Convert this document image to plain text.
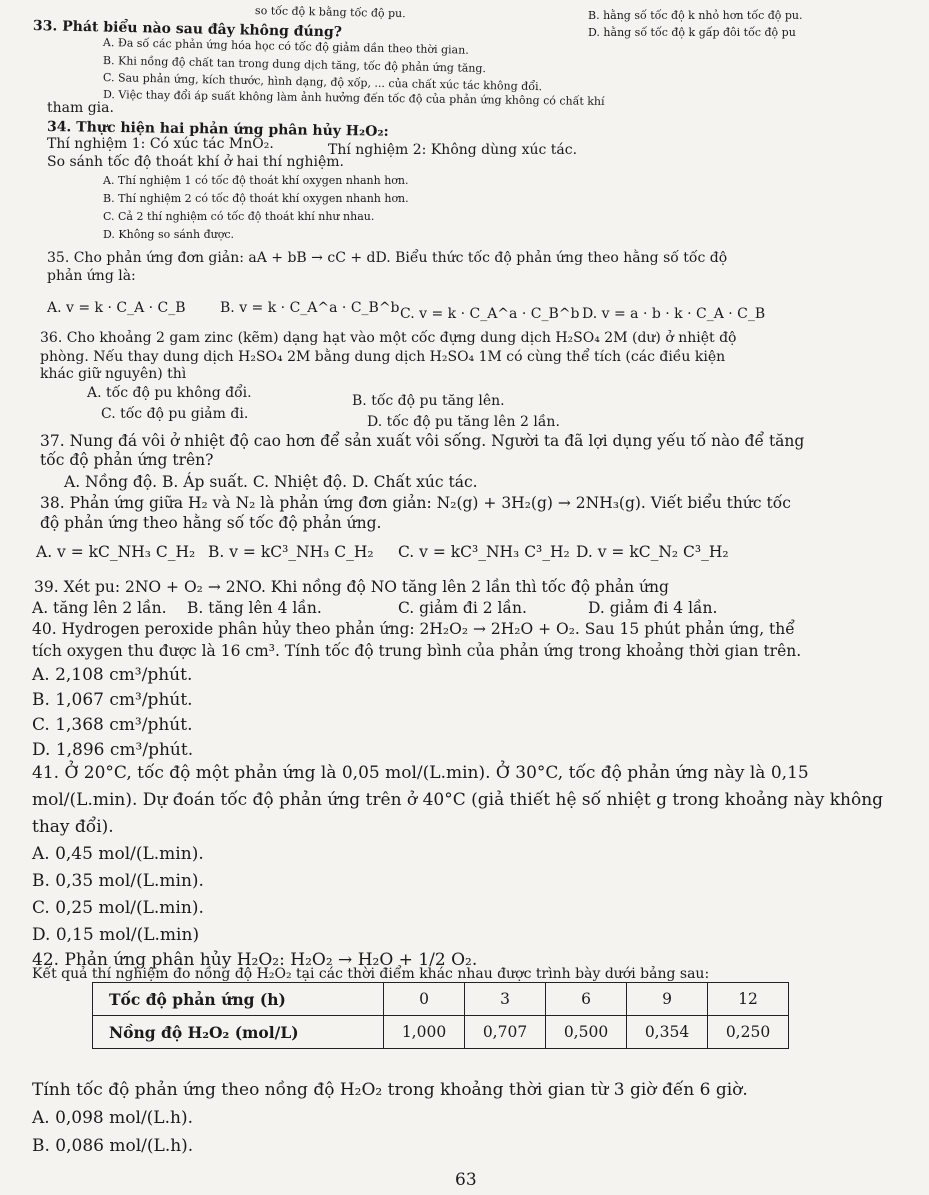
so tốc độ k bằng tốc độ pu.	B. hằng số tốc độ k nhỏ hơn tốc độ pu.
33. Phát biểu nào sau đây không đúng?	D. hằng số tốc độ k gấp đôi tốc độ pu
A. Đa số các phản ứng hóa học có tốc độ giảm dần theo thời gian.
B. Khi nồng độ chất tan trong dung dịch tăng, tốc độ phản ứng tăng.
C. Sau phản ứng, kích thước, hình dạng, độ xốp, ... của chất xúc tác không đổi.
D. Việc thay đổi áp suất không làm ảnh hưởng đến tốc độ của phản ứng không có chất khí
tham gia.
34. Thực hiện hai phản ứng phân hủy H₂O₂:
Thí nghiệm 1: Có xúc tác MnO₂.	Thí nghiệm 2: Không dùng xúc tác.
So sánh tốc độ thoát khí ở hai thí nghiệm.
A. Thí nghiệm 1 có tốc độ thoát khí oxygen nhanh hơn.
B. Thí nghiệm 2 có tốc độ thoát khí oxygen nhanh hơn.
C. Cả 2 thí nghiệm có tốc độ thoát khí như nhau.
D. Không so sánh được.
35. Cho phản ứng đơn giản: aA + bB → cC + dD. Biểu thức tốc độ phản ứng theo hằng số tốc độ
phản ứng là:
A. v = k · C_A · C_B B. v = k · C_A^a · C_B^b C. v = k · C_A^a · C_B^b D. v = a · b · k · C_A · C_B
36. Cho khoảng 2 gam zinc (kẽm) dạng hạt vào một cốc đựng dung dịch H₂SO₄ 2M (dư) ở nhiệt độ
phòng. Nếu thay dung dịch H₂SO₄ 2M bằng dung dịch H₂SO₄ 1M có cùng thể tích (các điều kiện
khác giữ nguyên) thì
A. tốc độ pu không đổi.	B. tốc độ pu tăng lên.
C. tốc độ pu giảm đi.	D. tốc độ pu tăng lên 2 lần.
37. Nung đá vôi ở nhiệt độ cao hơn để sản xuất vôi sống. Người ta đã lợi dụng yếu tố nào để tăng
tốc độ phản ứng trên?
A. Nồng độ. B. Áp suất. C. Nhiệt độ. D. Chất xúc tác.
38. Phản ứng giữa H₂ và N₂ là phản ứng đơn giản: N₂(g) + 3H₂(g) → 2NH₃(g). Viết biểu thức tốc
độ phản ứng theo hằng số tốc độ phản ứng.
A. v = kC_NH₃ C_H₂ B. v = kC³_NH₃ C_H₂ C. v = kC³_NH₃ C³_H₂ D. v = kC_N₂ C³_H₂
39. Xét pu: 2NO + O₂ → 2NO. Khi nồng độ NO tăng lên 2 lần thì tốc độ phản ứng
A. tăng lên 2 lần. B. tăng lên 4 lần.	C. giảm đi 2 lần.	D. giảm đi 4 lần.
40. Hydrogen peroxide phân hủy theo phản ứng: 2H₂O₂ → 2H₂O + O₂. Sau 15 phút phản ứng, thể
tích oxygen thu được là 16 cm³. Tính tốc độ trung bình của phản ứng trong khoảng thời gian trên.
A. 2,108 cm³/phút.
B. 1,067 cm³/phút.
C. 1,368 cm³/phút.
D. 1,896 cm³/phút.
41. Ở 20°C, tốc độ một phản ứng là 0,05 mol/(L.min). Ở 30°C, tốc độ phản ứng này là 0,15
mol/(L.min). Dự đoán tốc độ phản ứng trên ở 40°C (giả thiết hệ số nhiệt g trong khoảng này không
thay đổi).
A. 0,45 mol/(L.min).
B. 0,35 mol/(L.min).
C. 0,25 mol/(L.min).
D. 0,15 mol/(L.min)
42. Phản ứng phân hủy H₂O₂: H₂O₂ → H₂O + 1/2 O₂.
Kết quả thí nghiệm đo nồng độ H₂O₂ tại các thời điểm khác nhau được trình bày dưới bảng sau:
Tốc độ phản ứng (h)	0	3	6	9	12
Nồng độ H₂O₂ (mol/L)	1,000	0,707	0,500	0,354	0,250
Tính tốc độ phản ứng theo nồng độ H₂O₂ trong khoảng thời gian từ 3 giờ đến 6 giờ.
A. 0,098 mol/(L.h).
B. 0,086 mol/(L.h).
63
